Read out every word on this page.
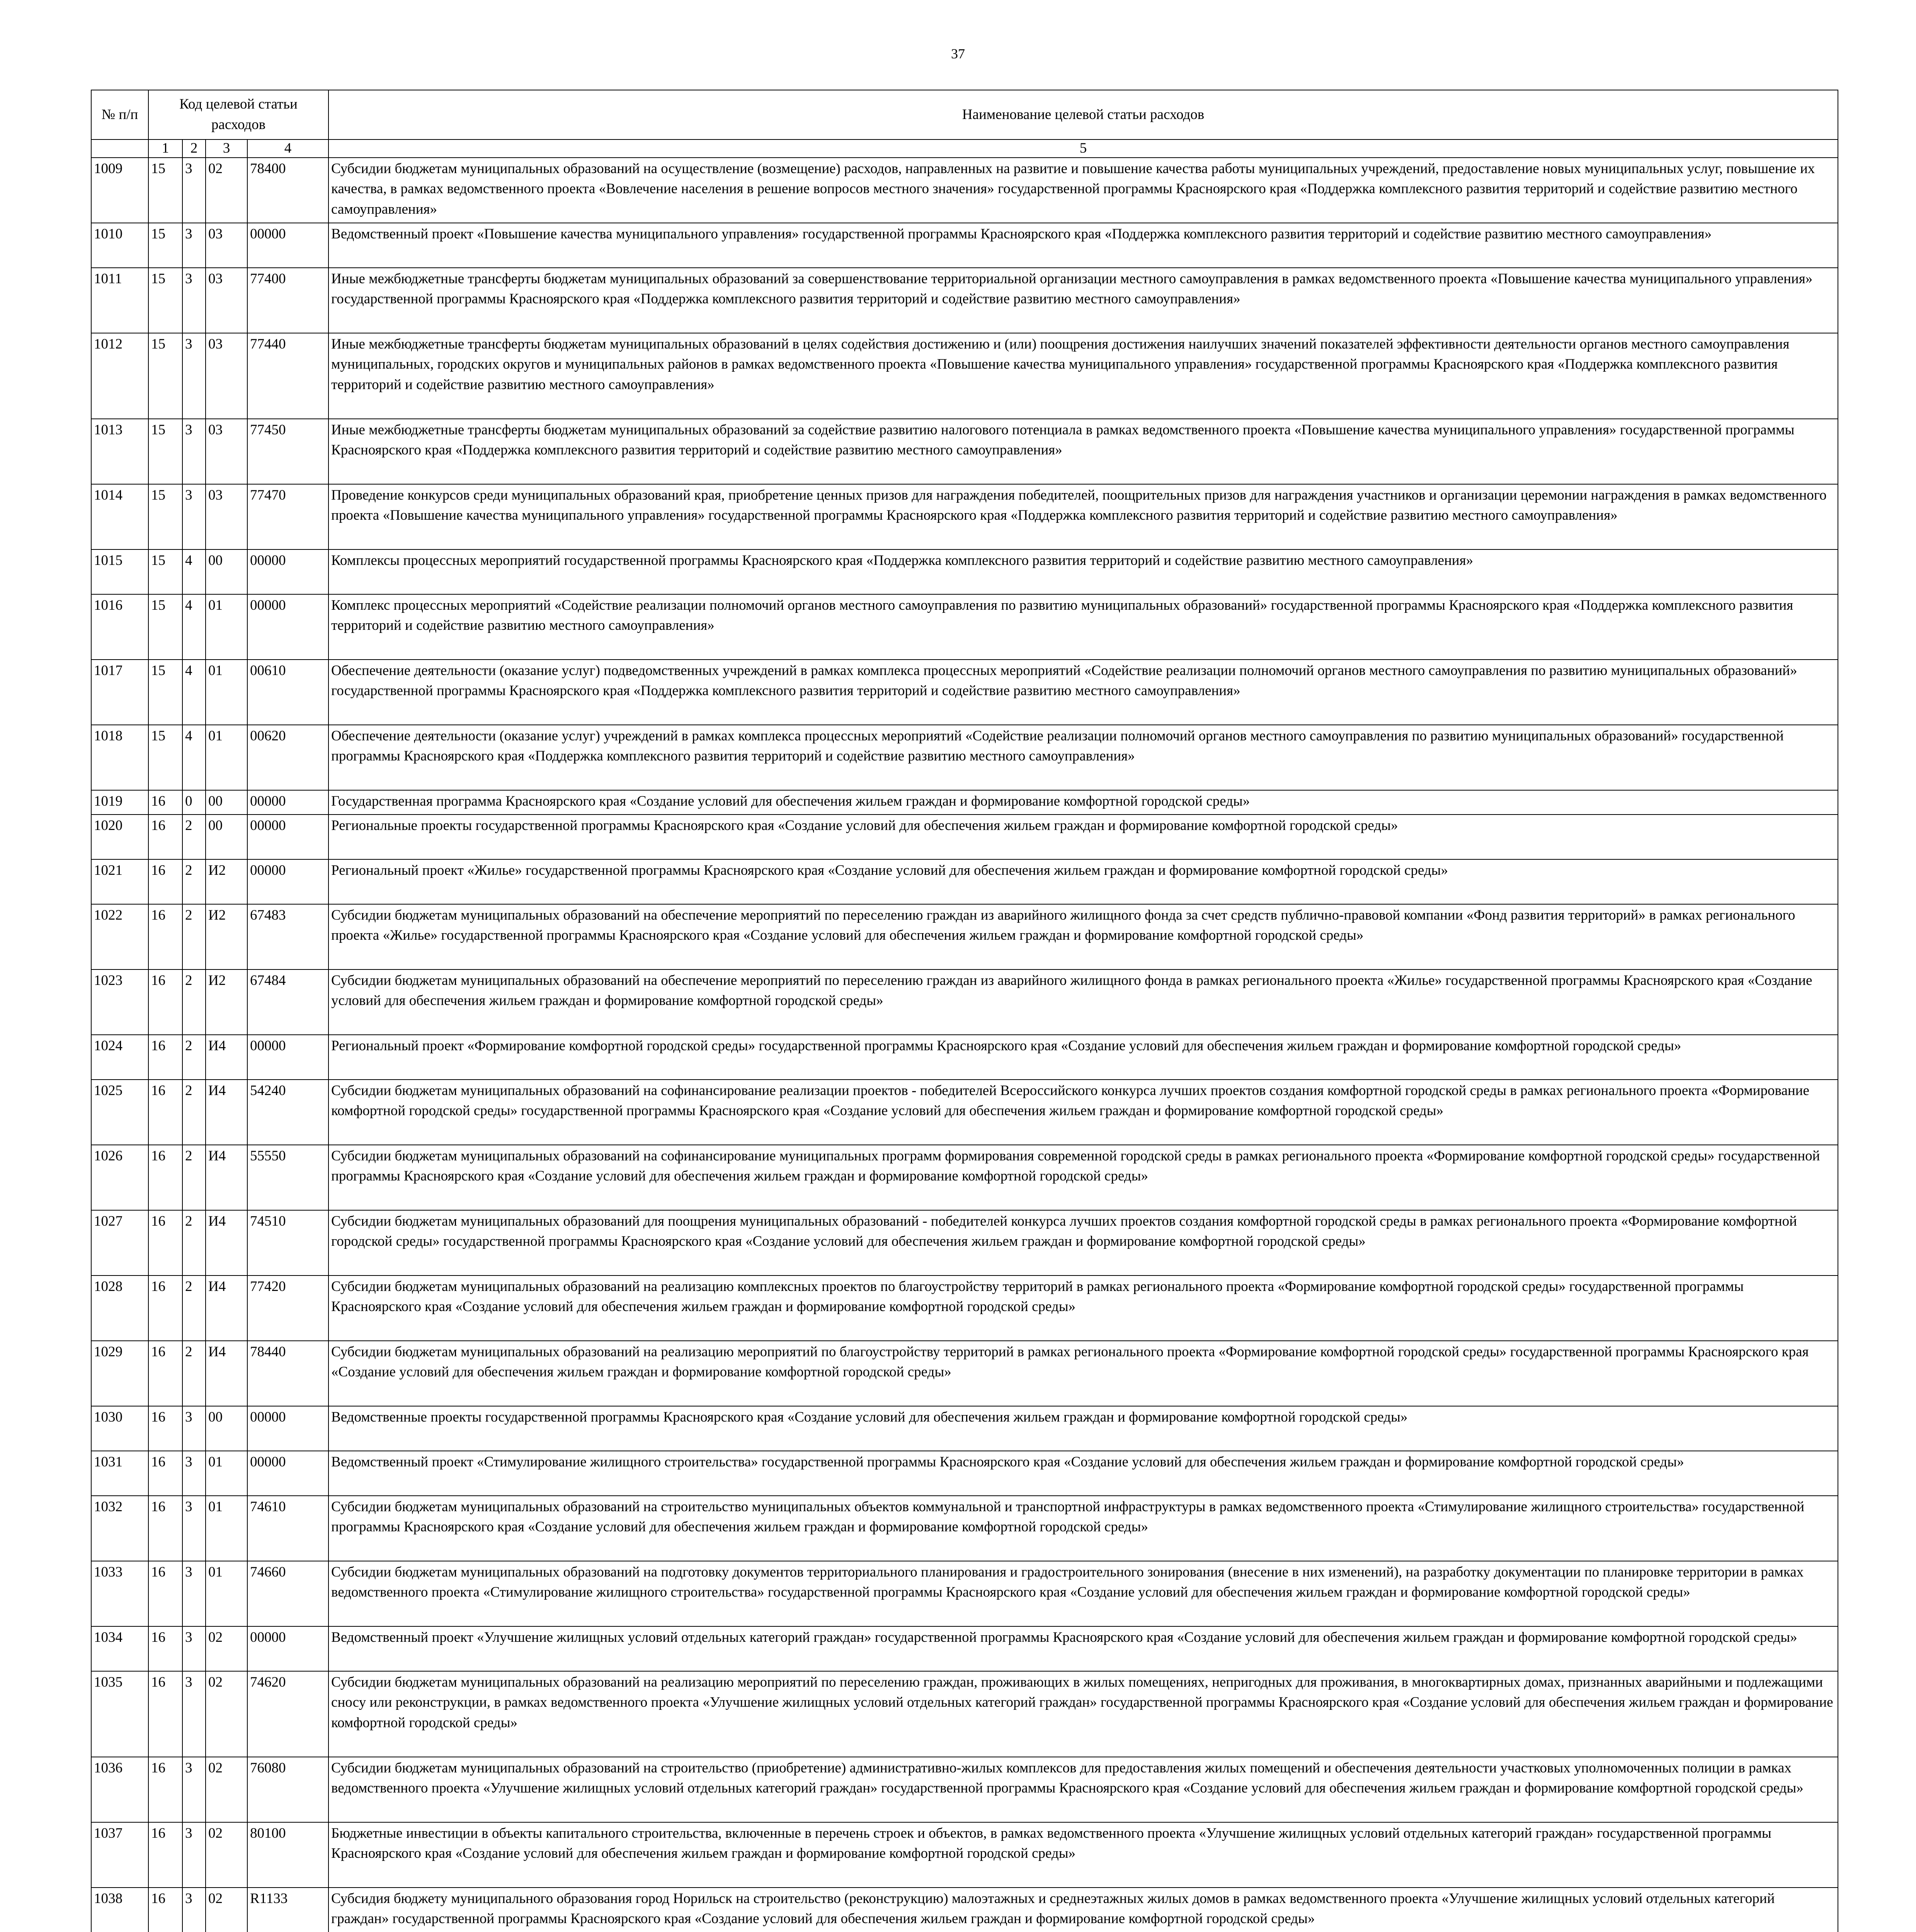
37
№ п/п	Код целевой статьи расходов				Наименование целевой статьи расходов
	1	2	3	4	5
1009	15	3	02	78400	Субсидии бюджетам муниципальных образований на осуществление (возмещение) расходов, направленных на развитие и повышение качества работы муниципальных учреждений, предоставление новых муниципальных услуг, повышение их качества, в рамках ведомственного проекта «Вовлечение населения в решение вопросов местного значения» государственной программы Красноярского края «Поддержка комплексного развития территорий и содействие развитию местного самоуправления»
1010	15	3	03	00000	Ведомственный проект «Повышение качества муниципального управления» государственной программы Красноярского края «Поддержка комплексного развития территорий и содействие развитию местного самоуправления»
1011	15	3	03	77400	Иные межбюджетные трансферты бюджетам муниципальных образований за совершенствование территориальной организации местного самоуправления в рамках ведомственного проекта «Повышение качества муниципального управления» государственной программы Красноярского края «Поддержка комплексного развития территорий и содействие развитию местного самоуправления»
1012	15	3	03	77440	Иные межбюджетные трансферты бюджетам муниципальных образований в целях содействия достижению и (или) поощрения достижения наилучших значений показателей эффективности деятельности органов местного самоуправления муниципальных, городских округов и муниципальных районов в рамках ведомственного проекта «Повышение качества муниципального управления» государственной программы Красноярского края «Поддержка комплексного развития территорий и содействие развитию местного самоуправления»
1013	15	3	03	77450	Иные межбюджетные трансферты бюджетам муниципальных образований за содействие развитию налогового потенциала в рамках ведомственного проекта «Повышение качества муниципального управления» государственной программы Красноярского края «Поддержка комплексного развития территорий и содействие развитию местного самоуправления»
1014	15	3	03	77470	Проведение конкурсов среди муниципальных образований края, приобретение ценных призов для награждения победителей, поощрительных призов для награждения участников и организации церемонии награждения в рамках ведомственного проекта «Повышение качества муниципального управления» государственной программы Красноярского края «Поддержка комплексного развития территорий и содействие развитию местного самоуправления»
1015	15	4	00	00000	Комплексы процессных мероприятий государственной программы Красноярского края «Поддержка комплексного развития территорий и содействие развитию местного самоуправления»
1016	15	4	01	00000	Комплекс процессных мероприятий «Содействие реализации полномочий органов местного самоуправления по развитию муниципальных образований» государственной программы Красноярского края «Поддержка комплексного развития территорий и содействие развитию местного самоуправления»
1017	15	4	01	00610	Обеспечение деятельности (оказание услуг) подведомственных учреждений в рамках комплекса процессных мероприятий «Содействие реализации полномочий органов местного самоуправления по развитию муниципальных образований» государственной программы Красноярского края «Поддержка комплексного развития территорий и содействие развитию местного самоуправления»
1018	15	4	01	00620	Обеспечение деятельности (оказание услуг) учреждений в рамках комплекса процессных мероприятий «Содействие реализации полномочий органов местного самоуправления по развитию муниципальных образований» государственной программы Красноярского края «Поддержка комплексного развития территорий и содействие развитию местного самоуправления»
1019	16	0	00	00000	Государственная программа Красноярского края «Создание условий для обеспечения жильем граждан и формирование комфортной городской среды»
1020	16	2	00	00000	Региональные проекты государственной программы Красноярского края «Создание условий для обеспечения жильем граждан и формирование комфортной городской среды»
1021	16	2	И2	00000	Региональный проект «Жилье» государственной программы Красноярского края «Создание условий для обеспечения жильем граждан и формирование комфортной городской среды»
1022	16	2	И2	67483	Субсидии бюджетам муниципальных образований на обеспечение мероприятий по переселению граждан из аварийного жилищного фонда за счет средств публично-правовой компании «Фонд развития территорий» в рамках регионального проекта «Жилье» государственной программы Красноярского края «Создание условий для обеспечения жильем граждан и формирование комфортной городской среды»
1023	16	2	И2	67484	Субсидии бюджетам муниципальных образований на обеспечение мероприятий по переселению граждан из аварийного жилищного фонда в рамках регионального проекта «Жилье» государственной программы Красноярского края «Создание условий для обеспечения жильем граждан и формирование комфортной городской среды»
1024	16	2	И4	00000	Региональный проект «Формирование комфортной городской среды» государственной программы Красноярского края «Создание условий для обеспечения жильем граждан и формирование комфортной городской среды»
1025	16	2	И4	54240	Субсидии бюджетам муниципальных образований на софинансирование реализации проектов - победителей Всероссийского конкурса лучших проектов создания комфортной городской среды в рамках регионального проекта «Формирование комфортной городской среды» государственной программы Красноярского края «Создание условий для обеспечения жильем граждан и формирование комфортной городской среды»
1026	16	2	И4	55550	Субсидии бюджетам муниципальных образований на софинансирование муниципальных программ формирования современной городской среды в рамках регионального проекта «Формирование комфортной городской среды» государственной программы Красноярского края «Создание условий для обеспечения жильем граждан и формирование комфортной городской среды»
1027	16	2	И4	74510	Субсидии бюджетам муниципальных образований для поощрения муниципальных образований - победителей конкурса лучших проектов создания комфортной городской среды в рамках регионального проекта «Формирование комфортной городской среды» государственной программы Красноярского края «Создание условий для обеспечения жильем граждан и формирование комфортной городской среды»
1028	16	2	И4	77420	Субсидии бюджетам муниципальных образований на реализацию комплексных проектов по благоустройству территорий в рамках регионального проекта «Формирование комфортной городской среды» государственной программы Красноярского края «Создание условий для обеспечения жильем граждан и формирование комфортной городской среды»
1029	16	2	И4	78440	Субсидии бюджетам муниципальных образований на реализацию мероприятий по благоустройству территорий в рамках регионального проекта «Формирование комфортной городской среды» государственной программы Красноярского края «Создание условий для обеспечения жильем граждан и формирование комфортной городской среды»
1030	16	3	00	00000	Ведомственные проекты государственной программы Красноярского края «Создание условий для обеспечения жильем граждан и формирование комфортной городской среды»
1031	16	3	01	00000	Ведомственный проект «Стимулирование жилищного строительства» государственной программы Красноярского края «Создание условий для обеспечения жильем граждан и формирование комфортной городской среды»
1032	16	3	01	74610	Субсидии бюджетам муниципальных образований на строительство муниципальных объектов коммунальной и транспортной инфраструктуры в рамках ведомственного проекта «Стимулирование жилищного строительства» государственной программы Красноярского края «Создание условий для обеспечения жильем граждан и формирование комфортной городской среды»
1033	16	3	01	74660	Субсидии бюджетам муниципальных образований на подготовку документов территориального планирования и градостроительного зонирования (внесение в них изменений), на разработку документации по планировке территории в рамках ведомственного проекта «Стимулирование жилищного строительства» государственной программы Красноярского края «Создание условий для обеспечения жильем граждан и формирование комфортной городской среды»
1034	16	3	02	00000	Ведомственный проект «Улучшение жилищных условий отдельных категорий граждан» государственной программы Красноярского края «Создание условий для обеспечения жильем граждан и формирование комфортной городской среды»
1035	16	3	02	74620	Субсидии бюджетам муниципальных образований на реализацию мероприятий по переселению граждан, проживающих в жилых помещениях, непригодных для проживания, в многоквартирных домах, признанных аварийными и подлежащими сносу или реконструкции, в рамках ведомственного проекта «Улучшение жилищных условий отдельных категорий граждан» государственной программы Красноярского края «Создание условий для обеспечения жильем граждан и формирование комфортной городской среды»
1036	16	3	02	76080	Субсидии бюджетам муниципальных образований на строительство (приобретение) административно-жилых комплексов для предоставления жилых помещений и обеспечения деятельности участковых уполномоченных полиции в рамках ведомственного проекта «Улучшение жилищных условий отдельных категорий граждан» государственной программы Красноярского края «Создание условий для обеспечения жильем граждан и формирование комфортной городской среды»
1037	16	3	02	80100	Бюджетные инвестиции в объекты капитального строительства, включенные в перечень строек и объектов, в рамках ведомственного проекта «Улучшение жилищных условий отдельных категорий граждан» государственной программы Красноярского края «Создание условий для обеспечения жильем граждан и формирование комфортной городской среды»
1038	16	3	02	R1133	Субсидия бюджету муниципального образования город Норильск на строительство (реконструкцию) малоэтажных и среднеэтажных жилых домов в рамках ведомственного проекта «Улучшение жилищных условий отдельных категорий граждан» государственной программы Красноярского края «Создание условий для обеспечения жильем граждан и формирование комфортной городской среды»
